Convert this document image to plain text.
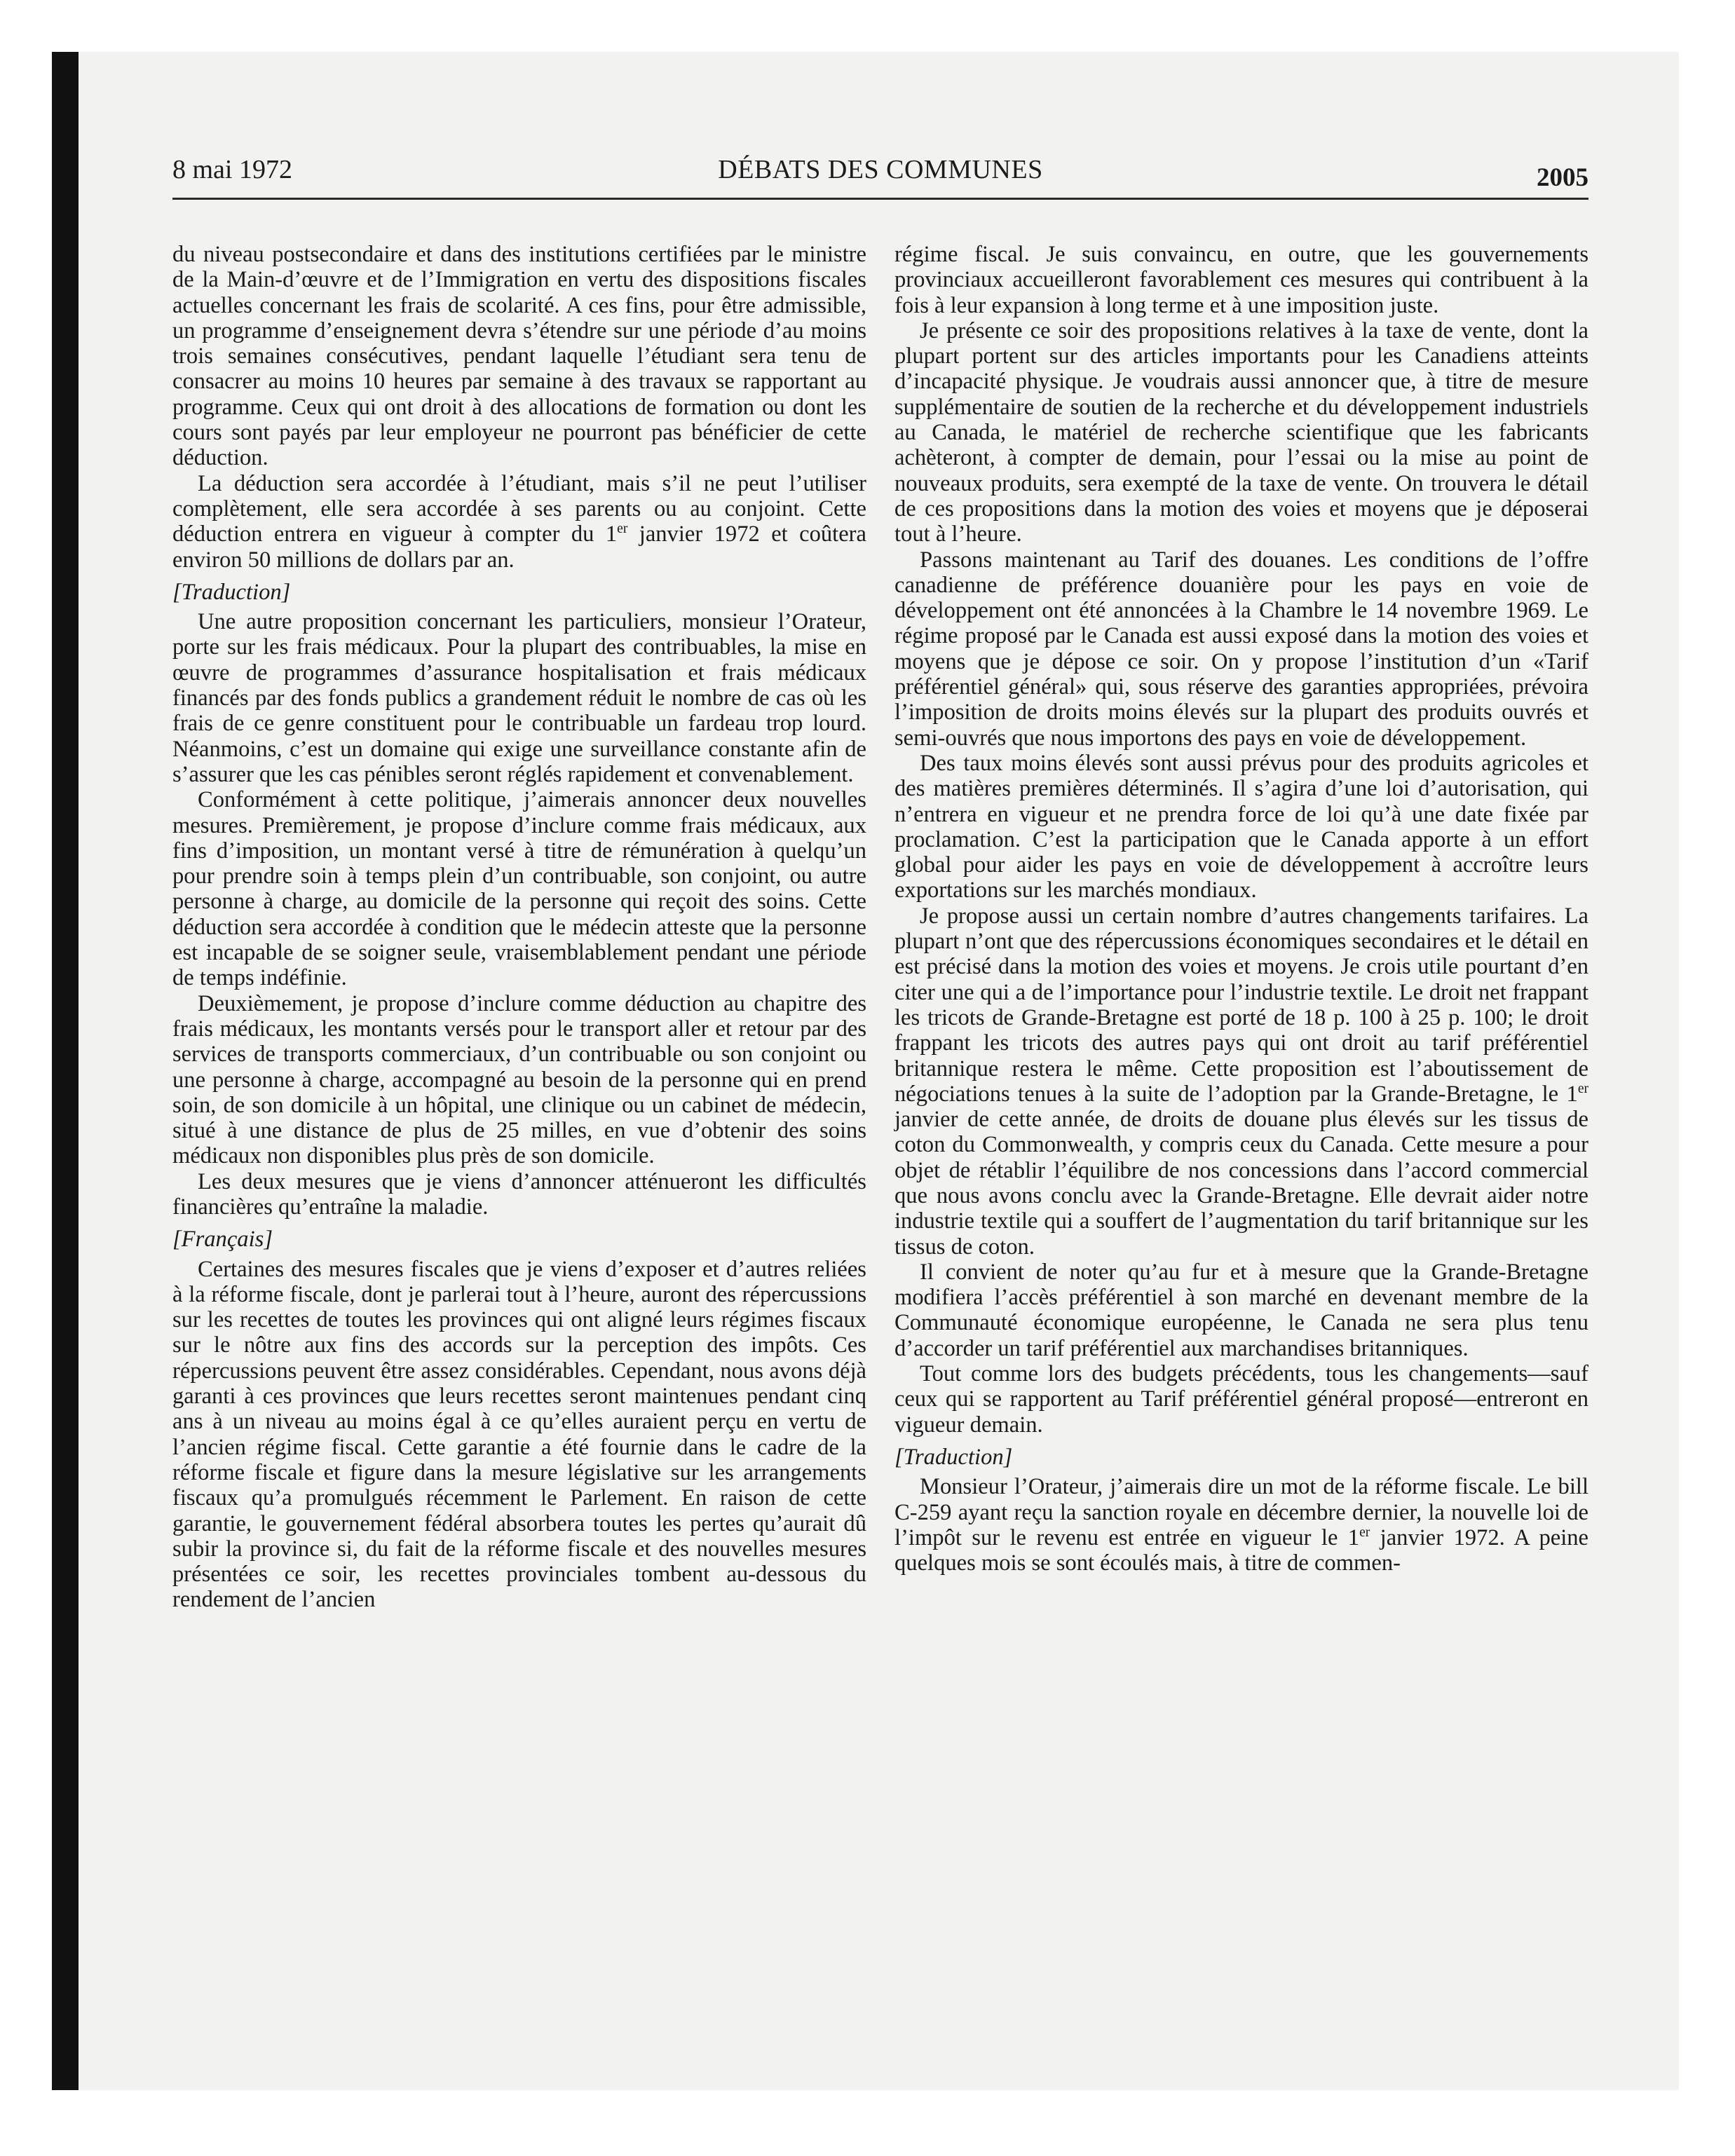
8 mai 1972	DÉBATS DES COMMUNES	2005

du niveau postsecondaire et dans des institutions certifiées par le ministre de la Main-d’œuvre et de l’Immigration en vertu des dispositions fiscales actuelles concernant les frais de scolarité. A ces fins, pour être admissible, un programme d’enseignement devra s’étendre sur une période d’au moins trois semaines consécutives, pendant laquelle l’étudiant sera tenu de consacrer au moins 10 heures par semaine à des travaux se rapportant au programme. Ceux qui ont droit à des allocations de formation ou dont les cours sont payés par leur employeur ne pourront pas bénéficier de cette déduction.

La déduction sera accordée à l’étudiant, mais s’il ne peut l’utiliser complètement, elle sera accordée à ses parents ou au conjoint. Cette déduction entrera en vigueur à compter du 1er janvier 1972 et coûtera environ 50 millions de dollars par an.

[Traduction]

Une autre proposition concernant les particuliers, monsieur l’Orateur, porte sur les frais médicaux. Pour la plupart des contribuables, la mise en œuvre de programmes d’assurance hospitalisation et frais médicaux financés par des fonds publics a grandement réduit le nombre de cas où les frais de ce genre constituent pour le contribuable un fardeau trop lourd. Néanmoins, c’est un domaine qui exige une surveillance constante afin de s’assurer que les cas pénibles seront réglés rapidement et convenablement.

Conformément à cette politique, j’aimerais annoncer deux nouvelles mesures. Premièrement, je propose d’inclure comme frais médicaux, aux fins d’imposition, un montant versé à titre de rémunération à quelqu’un pour prendre soin à temps plein d’un contribuable, son conjoint, ou autre personne à charge, au domicile de la personne qui reçoit des soins. Cette déduction sera accordée à condition que le médecin atteste que la personne est incapable de se soigner seule, vraisemblablement pendant une période de temps indéfinie.

Deuxièmement, je propose d’inclure comme déduction au chapitre des frais médicaux, les montants versés pour le transport aller et retour par des services de transports commerciaux, d’un contribuable ou son conjoint ou une personne à charge, accompagné au besoin de la personne qui en prend soin, de son domicile à un hôpital, une clinique ou un cabinet de médecin, situé à une distance de plus de 25 milles, en vue d’obtenir des soins médicaux non disponibles plus près de son domicile.

Les deux mesures que je viens d’annoncer atténueront les difficultés financières qu’entraîne la maladie.

[Français]

Certaines des mesures fiscales que je viens d’exposer et d’autres reliées à la réforme fiscale, dont je parlerai tout à l’heure, auront des répercussions sur les recettes de toutes les provinces qui ont aligné leurs régimes fiscaux sur le nôtre aux fins des accords sur la perception des impôts. Ces répercussions peuvent être assez considérables. Cependant, nous avons déjà garanti à ces provinces que leurs recettes seront maintenues pendant cinq ans à un niveau au moins égal à ce qu’elles auraient perçu en vertu de l’ancien régime fiscal. Cette garantie a été fournie dans le cadre de la réforme fiscale et figure dans la mesure législative sur les arrangements fiscaux qu’a promulgués récemment le Parlement. En raison de cette garantie, le gouvernement fédéral absorbera toutes les pertes qu’aurait dû subir la province si, du fait de la réforme fiscale et des nouvelles mesures présentées ce soir, les recettes provinciales tombent au-dessous du rendement de l’ancien

régime fiscal. Je suis convaincu, en outre, que les gouvernements provinciaux accueilleront favorablement ces mesures qui contribuent à la fois à leur expansion à long terme et à une imposition juste.

Je présente ce soir des propositions relatives à la taxe de vente, dont la plupart portent sur des articles importants pour les Canadiens atteints d’incapacité physique. Je voudrais aussi annoncer que, à titre de mesure supplémentaire de soutien de la recherche et du développement industriels au Canada, le matériel de recherche scientifique que les fabricants achèteront, à compter de demain, pour l’essai ou la mise au point de nouveaux produits, sera exempté de la taxe de vente. On trouvera le détail de ces propositions dans la motion des voies et moyens que je déposerai tout à l’heure.

Passons maintenant au Tarif des douanes. Les conditions de l’offre canadienne de préférence douanière pour les pays en voie de développement ont été annoncées à la Chambre le 14 novembre 1969. Le régime proposé par le Canada est aussi exposé dans la motion des voies et moyens que je dépose ce soir. On y propose l’institution d’un «Tarif préférentiel général» qui, sous réserve des garanties appropriées, prévoira l’imposition de droits moins élevés sur la plupart des produits ouvrés et semi-ouvrés que nous importons des pays en voie de développement.

Des taux moins élevés sont aussi prévus pour des produits agricoles et des matières premières déterminés. Il s’agira d’une loi d’autorisation, qui n’entrera en vigueur et ne prendra force de loi qu’à une date fixée par proclamation. C’est la participation que le Canada apporte à un effort global pour aider les pays en voie de développement à accroître leurs exportations sur les marchés mondiaux.

Je propose aussi un certain nombre d’autres changements tarifaires. La plupart n’ont que des répercussions économiques secondaires et le détail en est précisé dans la motion des voies et moyens. Je crois utile pourtant d’en citer une qui a de l’importance pour l’industrie textile. Le droit net frappant les tricots de Grande-Bretagne est porté de 18 p. 100 à 25 p. 100; le droit frappant les tricots des autres pays qui ont droit au tarif préférentiel britannique restera le même. Cette proposition est l’aboutissement de négociations tenues à la suite de l’adoption par la Grande-Bretagne, le 1er janvier de cette année, de droits de douane plus élevés sur les tissus de coton du Commonwealth, y compris ceux du Canada. Cette mesure a pour objet de rétablir l’équilibre de nos concessions dans l’accord commercial que nous avons conclu avec la Grande-Bretagne. Elle devrait aider notre industrie textile qui a souffert de l’augmentation du tarif britannique sur les tissus de coton.

Il convient de noter qu’au fur et à mesure que la Grande-Bretagne modifiera l’accès préférentiel à son marché en devenant membre de la Communauté économique européenne, le Canada ne sera plus tenu d’accorder un tarif préférentiel aux marchandises britanniques.

Tout comme lors des budgets précédents, tous les changements—sauf ceux qui se rapportent au Tarif préférentiel général proposé—entreront en vigueur demain.

[Traduction]

Monsieur l’Orateur, j’aimerais dire un mot de la réforme fiscale. Le bill C-259 ayant reçu la sanction royale en décembre dernier, la nouvelle loi de l’impôt sur le revenu est entrée en vigueur le 1er janvier 1972. A peine quelques mois se sont écoulés mais, à titre de commen-
